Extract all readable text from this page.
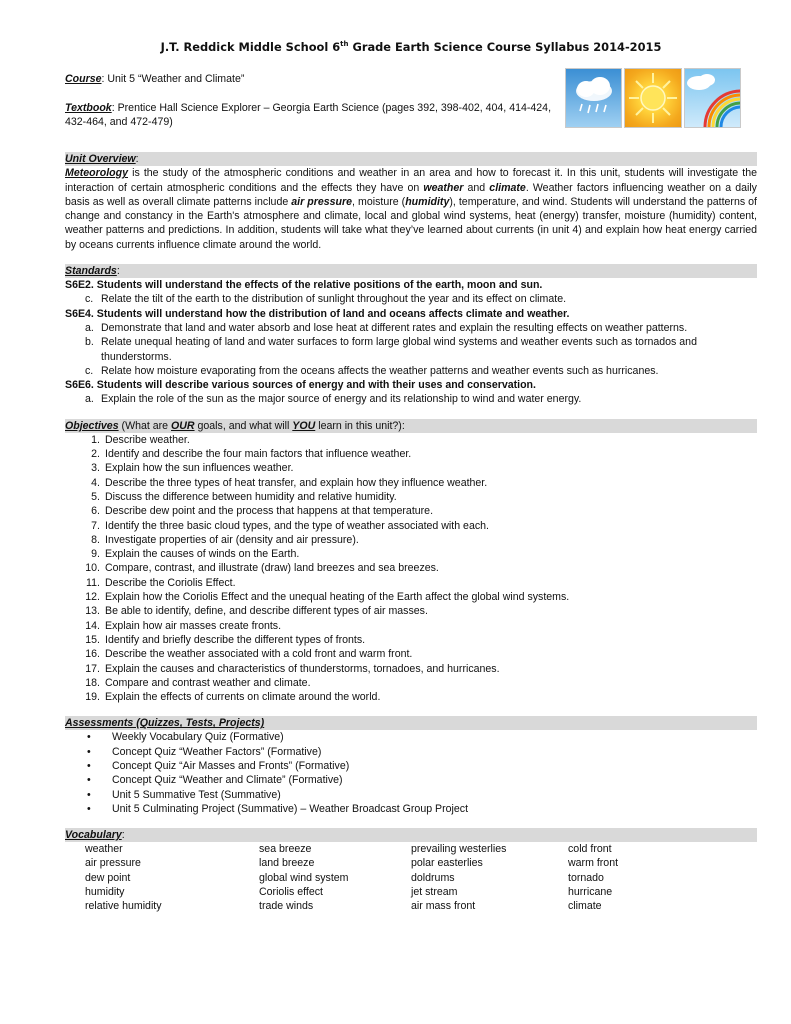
J.T. Reddick Middle School 6th Grade Earth Science Course Syllabus 2014-2015

Course: Unit 5 “Weather and Climate”

Textbook: Prentice Hall Science Explorer – Georgia Earth Science (pages 392, 398-402, 404, 414-424, 432-464, and 472-479)

Unit Overview:

Meteorology is the study of the atmospheric conditions and weather in an area and how to forecast it. In this unit, students will investigate the interaction of certain atmospheric conditions and the effects they have on weather and climate. Weather factors influencing weather on a daily basis as well as overall climate patterns include air pressure, moisture (humidity), temperature, and wind. Students will understand the patterns of change and constancy in the Earth's atmosphere and climate, local and global wind systems, heat (energy) transfer, moisture (humidity) content, weather patterns and predictions. In addition, students will take what they’ve learned about currents (in unit 4) and explain how heat energy carried by oceans currents influence climate around the world.

Standards:

S6E2. Students will understand the effects of the relative positions of the earth, moon and sun.

c. Relate the tilt of the earth to the distribution of sunlight throughout the year and its effect on climate.

S6E4. Students will understand how the distribution of land and oceans affects climate and weather.

a. Demonstrate that land and water absorb and lose heat at different rates and explain the resulting effects on weather patterns.
b. Relate unequal heating of land and water surfaces to form large global wind systems and weather events such as tornados and thunderstorms.
c. Relate how moisture evaporating from the oceans affects the weather patterns and weather events such as hurricanes.

S6E6. Students will describe various sources of energy and with their uses and conservation.

a. Explain the role of the sun as the major source of energy and its relationship to wind and water energy.
Objectives (What are OUR goals, and what will YOU learn in this unit?):
1. Describe weather.
2. Identify and describe the four main factors that influence weather.
3. Explain how the sun influences weather.
4. Describe the three types of heat transfer, and explain how they influence weather.
5. Discuss the difference between humidity and relative humidity.
6. Describe dew point and the process that happens at that temperature.
7. Identify the three basic cloud types, and the type of weather associated with each.
8. Investigate properties of air (density and air pressure).
9. Explain the causes of winds on the Earth.
10. Compare, contrast, and illustrate (draw) land breezes and sea breezes.
11. Describe the Coriolis Effect.
12. Explain how the Coriolis Effect and the unequal heating of the Earth affect the global wind systems.
13. Be able to identify, define, and describe different types of air masses.
14. Explain how air masses create fronts.
15. Identify and briefly describe the different types of fronts.
16. Describe the weather associated with a cold front and warm front.
17. Explain the causes and characteristics of thunderstorms, tornadoes, and hurricanes.
18. Compare and contrast weather and climate.
19. Explain the effects of currents on climate around the world.
Assessments (Quizzes, Tests, Projects)
•	Weekly Vocabulary Quiz (Formative)
•	Concept Quiz “Weather Factors” (Formative)
•	Concept Quiz “Air Masses and Fronts” (Formative)
•	Concept Quiz “Weather and Climate” (Formative)
•	Unit 5 Summative Test (Summative)
•	Unit 5 Culminating Project (Summative) – Weather Broadcast Group Project
Vocabulary:
weather	sea breeze	prevailing westerlies	cold front
air pressure	land breeze	polar easterlies	warm front
dew point	global wind system	doldrums	tornado
humidity	Coriolis effect	jet stream	hurricane
relative humidity	trade winds	air mass front	climate
